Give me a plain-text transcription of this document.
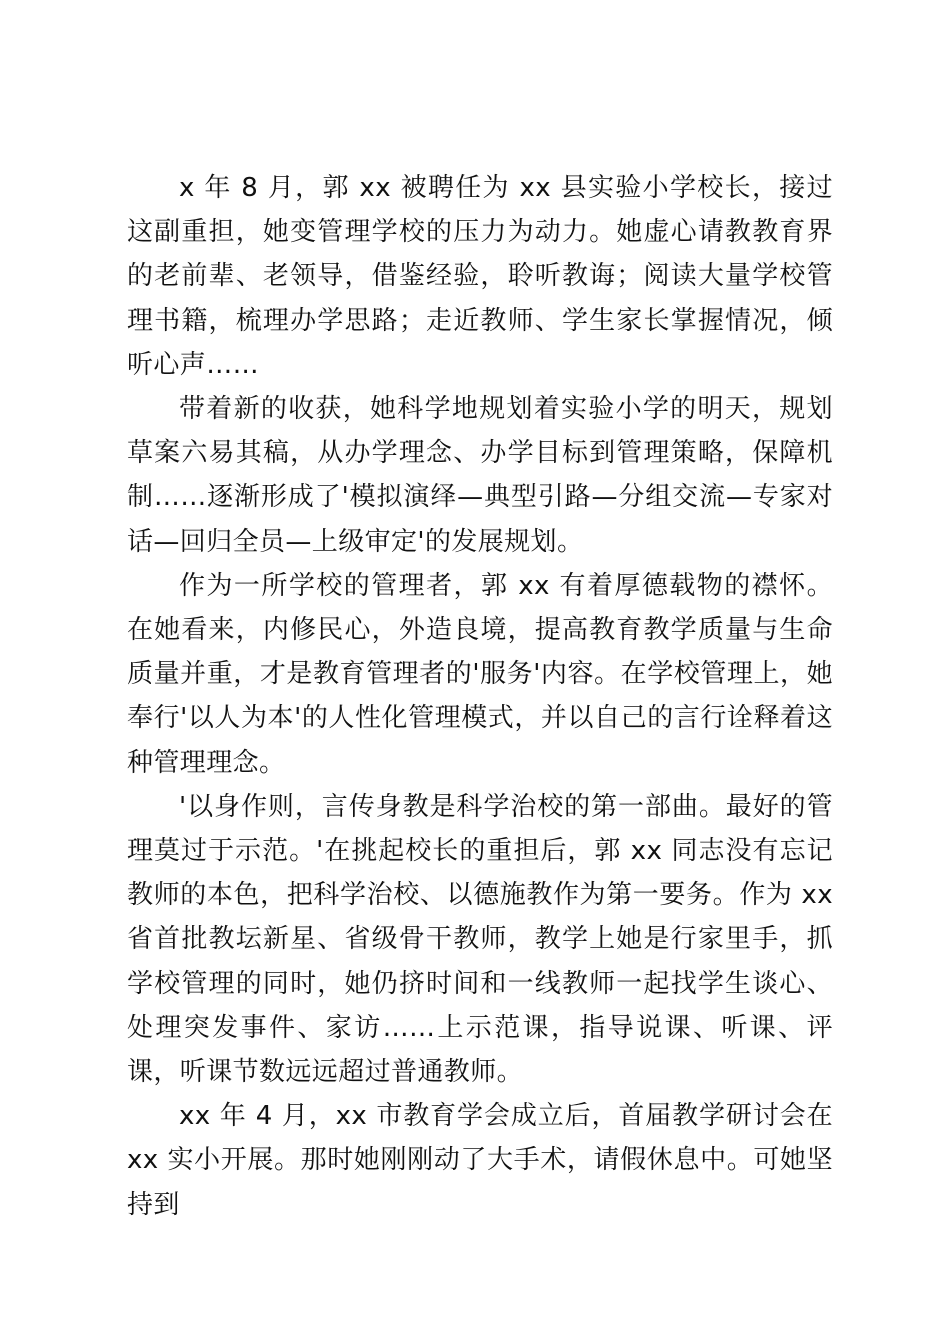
x 年 8 月，郭 xx 被聘任为 xx 县实验小学校长，接过这副重担，她变管理学校的压力为动力。她虚心请教教育界的老前辈、老领导，借鉴经验，聆听教诲；阅读大量学校管理书籍，梳理办学思路；走近教师、学生家长掌握情况，倾听心声……

带着新的收获，她科学地规划着实验小学的明天，规划草案六易其稿，从办学理念、办学目标到管理策略，保障机制……逐渐形成了'模拟演绎—典型引路—分组交流—专家对话—回归全员—上级审定'的发展规划。

作为一所学校的管理者，郭 xx 有着厚德载物的襟怀。在她看来，内修民心，外造良境，提高教育教学质量与生命质量并重，才是教育管理者的'服务'内容。在学校管理上，她奉行'以人为本'的人性化管理模式，并以自己的言行诠释着这种管理理念。

'以身作则，言传身教是科学治校的第一部曲。最好的管理莫过于示范。'在挑起校长的重担后，郭 xx 同志没有忘记教师的本色，把科学治校、以德施教作为第一要务。作为 xx 省首批教坛新星、省级骨干教师，教学上她是行家里手，抓学校管理的同时，她仍挤时间和一线教师一起找学生谈心、处理突发事件、家访……上示范课，指导说课、听课、评课，听课节数远远超过普通教师。

xx 年 4 月，xx 市教育学会成立后，首届教学研讨会在 xx 实小开展。那时她刚刚动了大手术，请假休息中。可她坚持到
